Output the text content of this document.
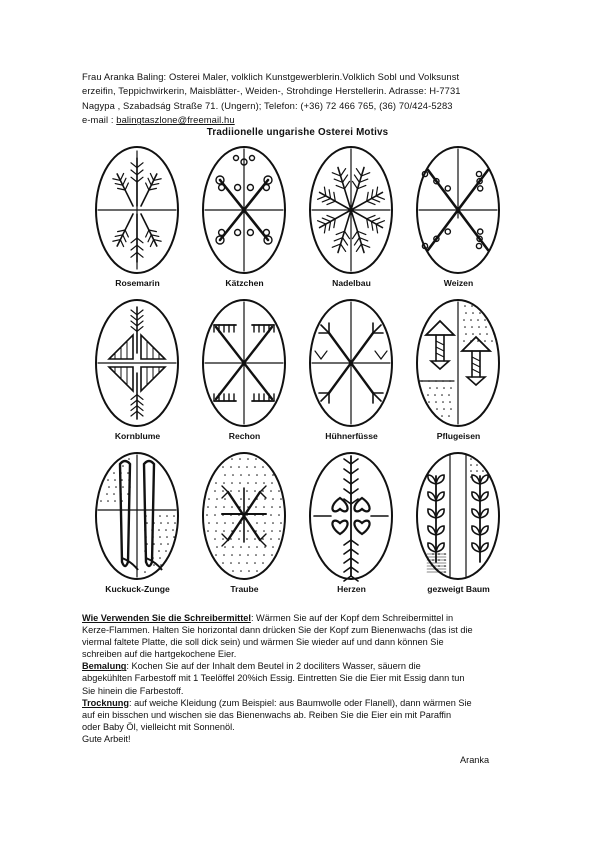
Frau Aranka Baling: Osterei Maler, volklich Kunstgewerblerin.Volklich Sobl und Volksunst
erzeifin, Teppichwirkerin, Maisblätter-, Weiden-, Strohdinge Herstellerin. Adrasse: H-7731
Nagypa , Szabadság Straße 71. (Ungern); Telefon: (+36) 72 466 765, (36) 70/424-5283
e-mail : balingtaszlone@freemail.hu
Tradiionelle ungarishe Osterei Motivs
Rosemarin	Kätzchen	Nadelbau	Weizen
Kornblume	Rechon	Hühnerfüsse	Pflugeisen
Kuckuck-Zunge	Traube	Herzen	gezweigt Baum
Wie Verwenden Sie die Schreibermittel: Wärmen Sie auf der Kopf dem Schreibermittel in
Kerze-Flammen. Halten Sie horizontal dann drücken Sie der Kopf zum Bienenwachs (das ist die
viermal faltete Platte, die soll dick sein) und wärmen Sie wieder auf und dann können Sie
schreiben auf die hartgekochene Eier.
Bemalung: Kochen Sie auf der Inhalt dem Beutel in 2 dociliters Wasser, säuern die
abgekühlten Farbestoff mit 1 Teelöffel 20%ich Essig. Eintretten Sie die Eier mit Essig dann tun
Sie hinein die Farbestoff.
Trocknung: auf weiche Kleidung (zum Beispiel: aus Baumwolle oder Flanell), dann wärmen Sie
auf ein bisschen und wischen sie das Bienenwachs ab. Reiben Sie die Eier ein mit Paraffin
oder Baby Öl, vielleicht mit Sonnenöl.
Gute Arbeit!
Aranka
